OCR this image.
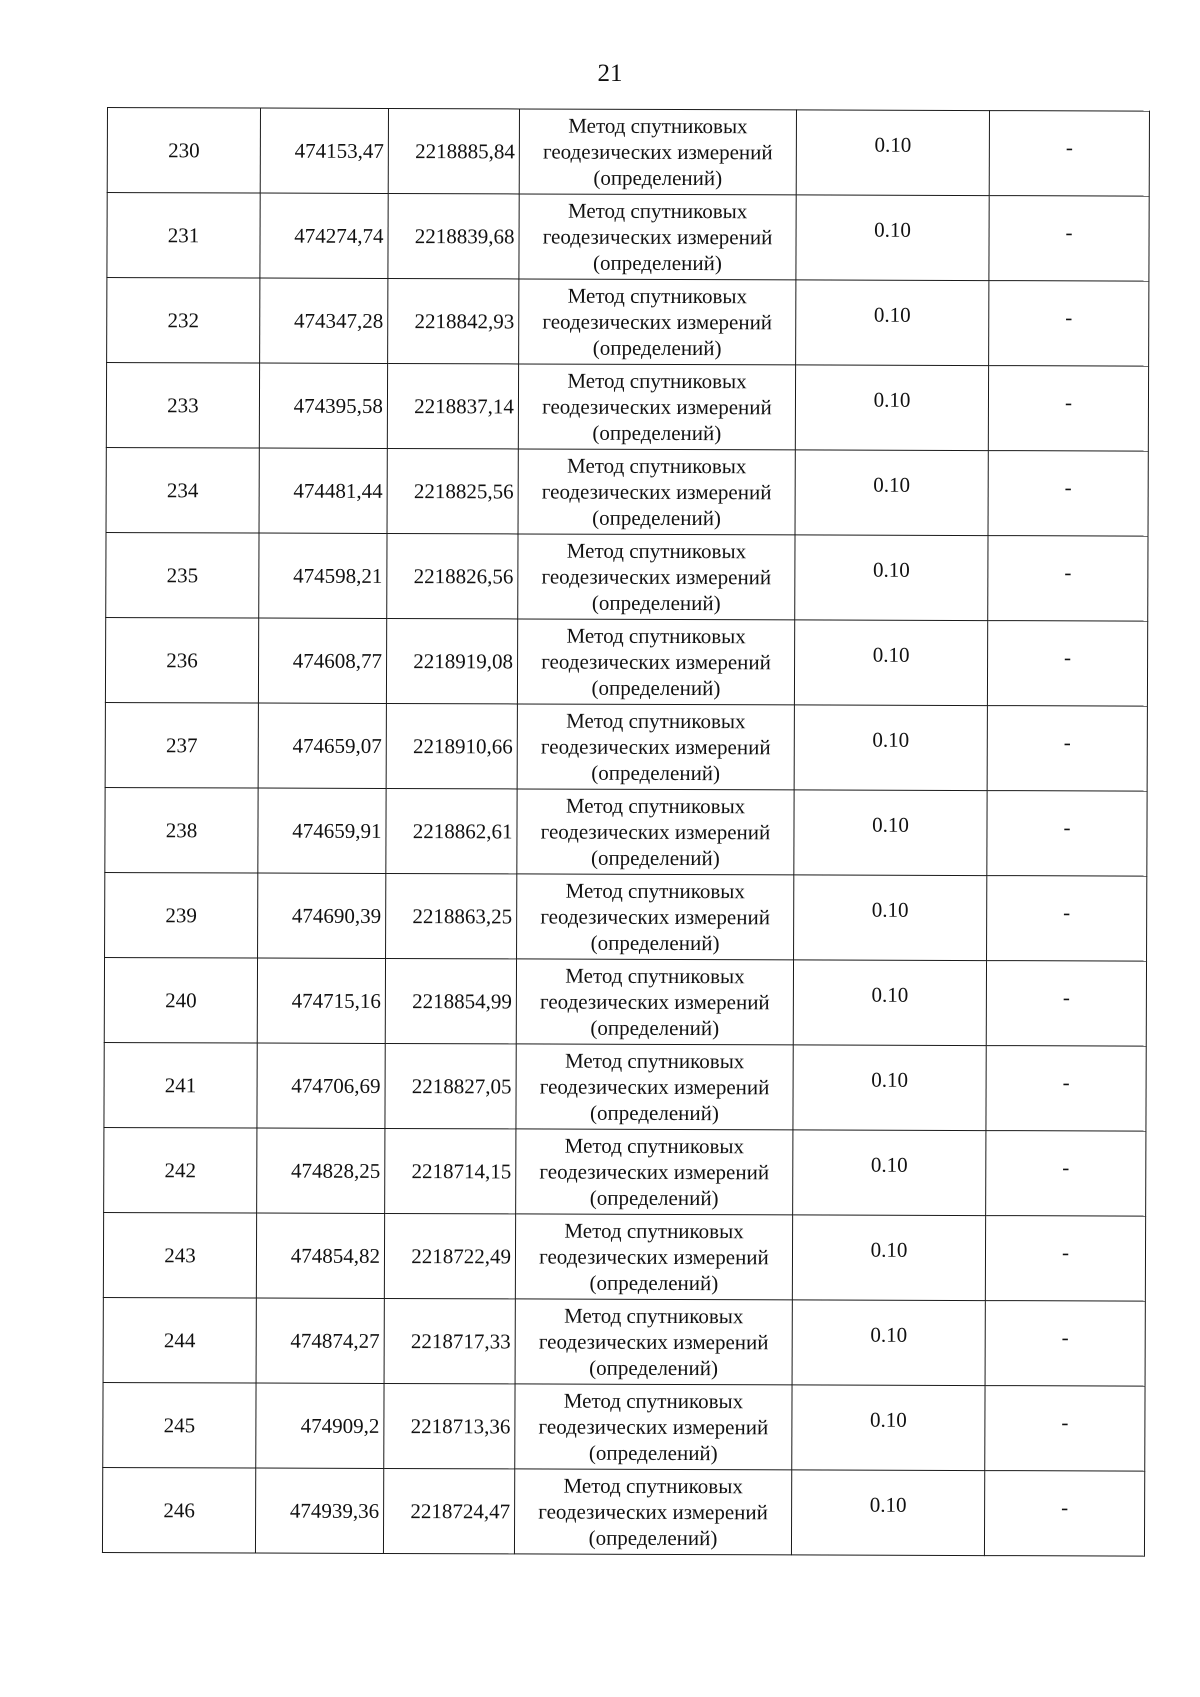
21
230	474153,47	2218885,84	Метод спутниковых
геодезических измерений
(определений)	0.10	-
231	474274,74	2218839,68	Метод спутниковых
геодезических измерений
(определений)	0.10	-
232	474347,28	2218842,93	Метод спутниковых
геодезических измерений
(определений)	0.10	-
233	474395,58	2218837,14	Метод спутниковых
геодезических измерений
(определений)	0.10	-
234	474481,44	2218825,56	Метод спутниковых
геодезических измерений
(определений)	0.10	-
235	474598,21	2218826,56	Метод спутниковых
геодезических измерений
(определений)	0.10	-
236	474608,77	2218919,08	Метод спутниковых
геодезических измерений
(определений)	0.10	-
237	474659,07	2218910,66	Метод спутниковых
геодезических измерений
(определений)	0.10	-
238	474659,91	2218862,61	Метод спутниковых
геодезических измерений
(определений)	0.10	-
239	474690,39	2218863,25	Метод спутниковых
геодезических измерений
(определений)	0.10	-
240	474715,16	2218854,99	Метод спутниковых
геодезических измерений
(определений)	0.10	-
241	474706,69	2218827,05	Метод спутниковых
геодезических измерений
(определений)	0.10	-
242	474828,25	2218714,15	Метод спутниковых
геодезических измерений
(определений)	0.10	-
243	474854,82	2218722,49	Метод спутниковых
геодезических измерений
(определений)	0.10	-
244	474874,27	2218717,33	Метод спутниковых
геодезических измерений
(определений)	0.10	-
245	474909,2	2218713,36	Метод спутниковых
геодезических измерений
(определений)	0.10	-
246	474939,36	2218724,47	Метод спутниковых
геодезических измерений
(определений)	0.10	-
